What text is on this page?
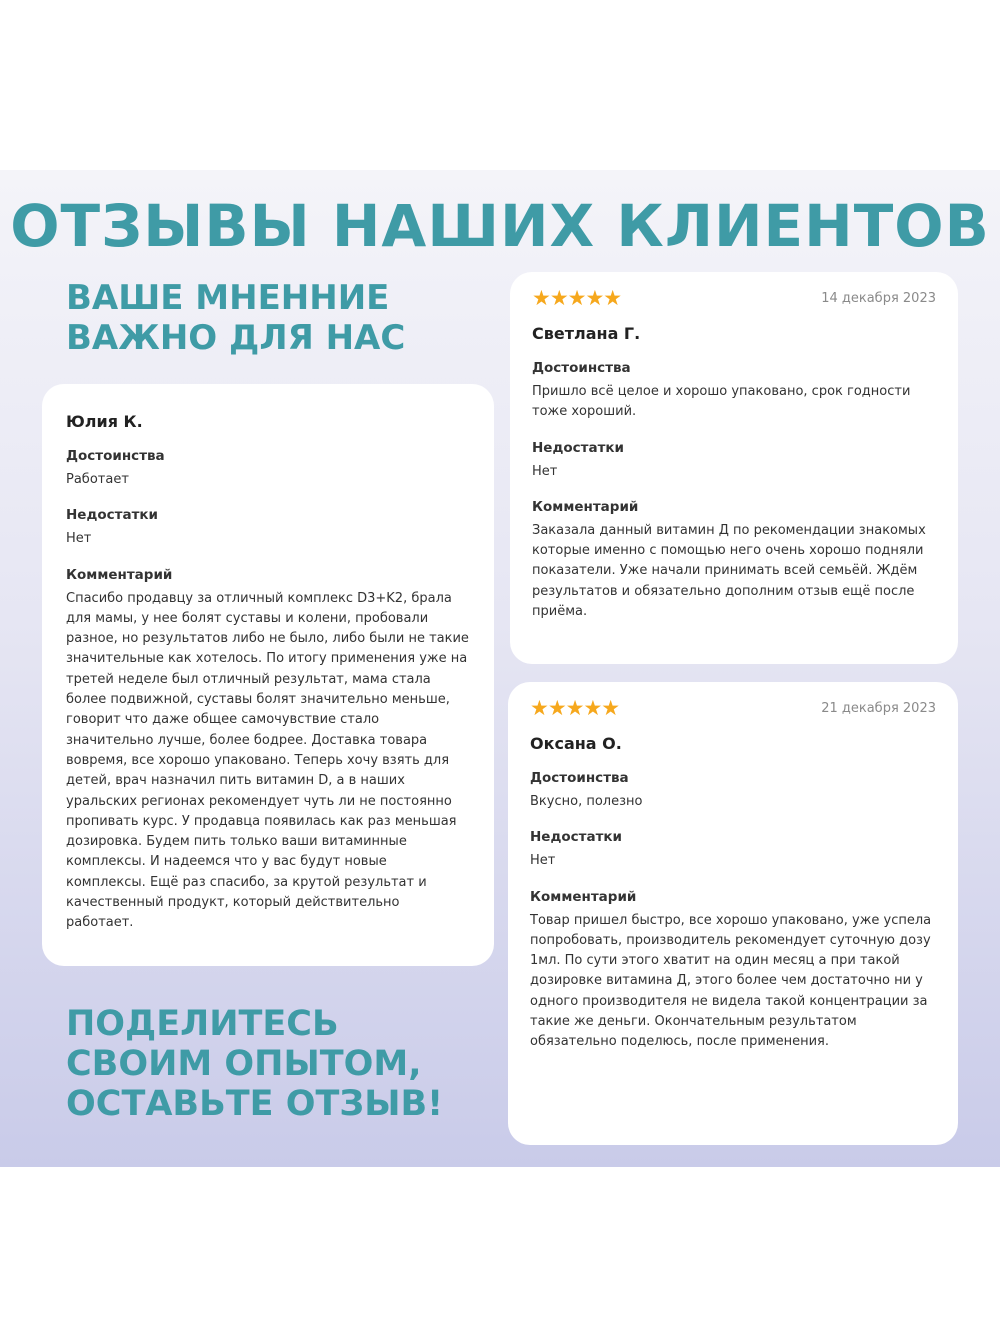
ОТЗЫВЫ НАШИХ КЛИЕНТОВ
ВАШЕ МНЕННИЕ
ВАЖНО ДЛЯ НАС
Юлия К.
Достоинства
Работает
Недостатки
Нет
Комментарий
Спасибо продавцу за отличный комплекс D3+K2, брала для мамы, у нее болят суставы и колени, пробовали разное, но результатов либо не было, либо были не такие значительные как хотелось. По итогу применения уже на третей неделе был отличный результат, мама стала более подвижной, суставы болят значительно меньше, говорит что даже общее самочувствие стало значительно лучше, более бодрее. Доставка товара вовремя, все хорошо упаковано. Теперь хочу взять для детей, врач назначил пить витамин D, а в наших уральских регионах рекомендует чуть ли не постоянно пропивать курс. У продавца появилась как раз меньшая дозировка. Будем пить только ваши витаминные комплексы. И надеемся что у вас будут новые комплексы. Ещё раз спасибо, за крутой результат и качественный продукт, который действительно работает.
★★★★★	14 декабря 2023
Светлана Г.
Достоинства
Пришло всё целое и хорошо упаковано, срок годности тоже хороший.
Недостатки
Нет
Комментарий
Заказала данный витамин Д по рекомендации знакомых которые именно с помощью него очень хорошо подняли показатели. Уже начали принимать всей семьёй. Ждём результатов и обязательно дополним отзыв ещё после приёма.
★★★★★	21 декабря 2023
Оксана О.
Достоинства
Вкусно, полезно
Недостатки
Нет
Комментарий
Товар пришел быстро, все хорошо упаковано, уже успела попробовать, производитель рекомендует суточную дозу 1мл. По сути этого хватит на один месяц а при такой дозировке витамина Д, этого более чем достаточно ни у одного производителя не видела такой концентрации за такие же деньги. Окончательным результатом обязательно поделюсь, после применения.
ПОДЕЛИТЕСЬ
СВОИМ ОПЫТОМ,
ОСТАВЬТЕ ОТЗЫВ!
